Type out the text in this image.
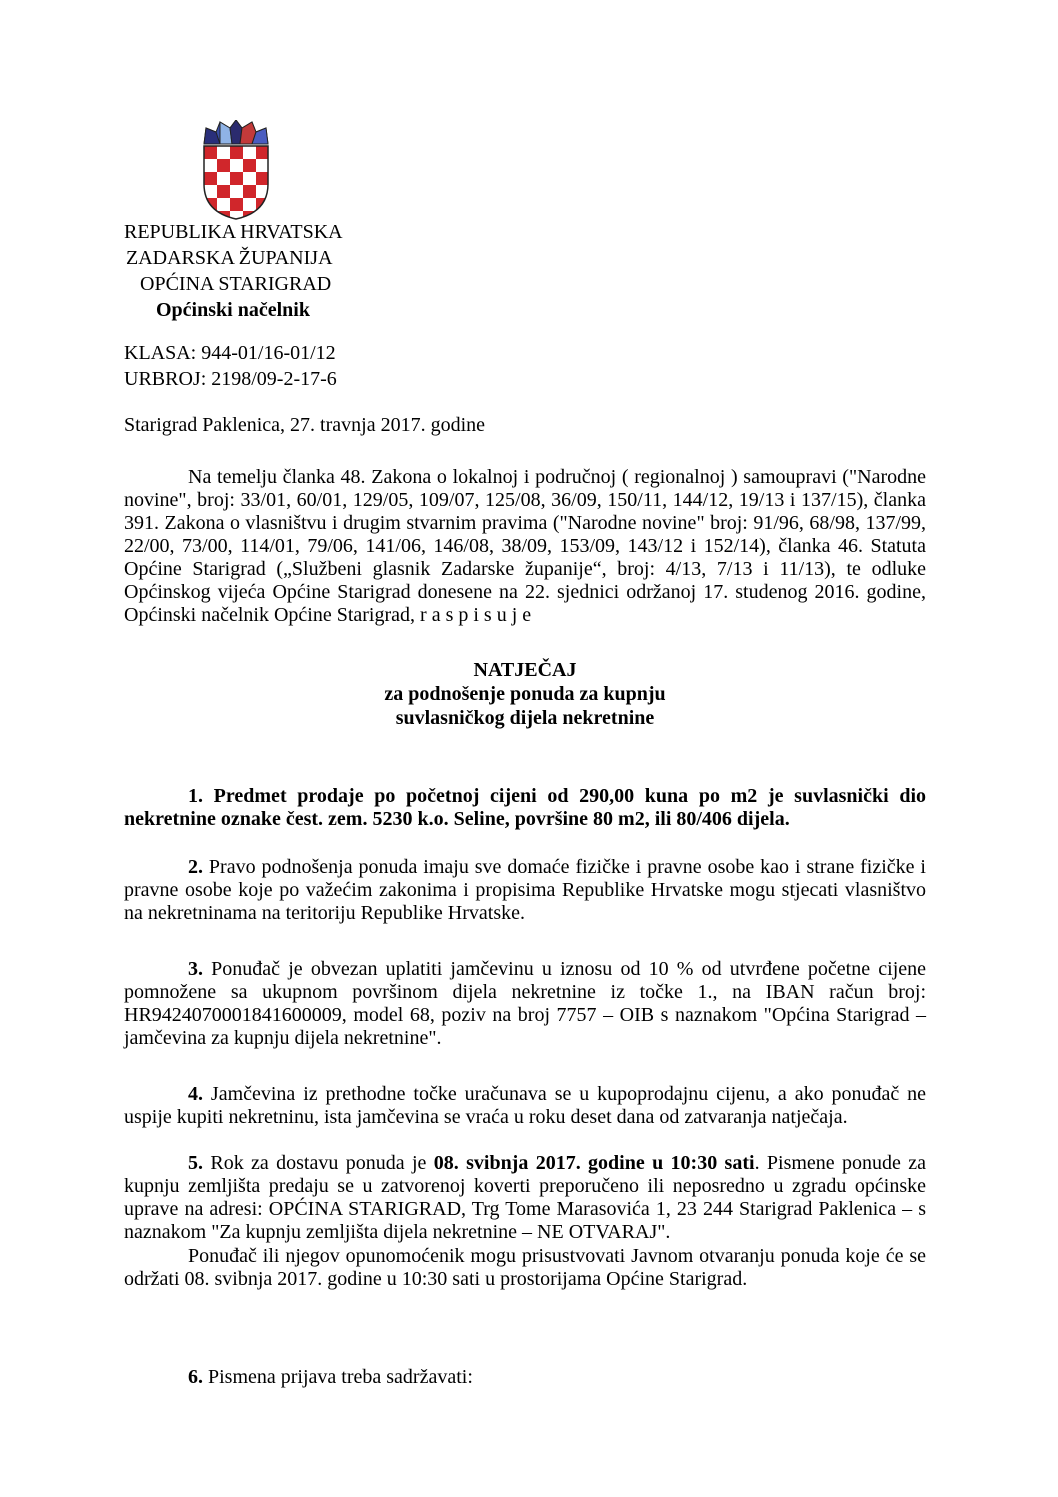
REPUBLIKA HRVATSKA
ZADARSKA ŽUPANIJA
OPĆINA STARIGRAD
Općinski načelnik
KLASA: 944-01/16-01/12
URBROJ: 2198/09-2-17-6
Starigrad Paklenica, 27. travnja 2017. godine
Na temelju članka 48. Zakona o lokalnoj i područnoj ( regionalnoj ) samoupravi ("Narodne novine", broj: 33/01, 60/01, 129/05, 109/07, 125/08, 36/09, 150/11, 144/12, 19/13 i 137/15), članka 391. Zakona o vlasništvu i drugim stvarnim pravima ("Narodne novine" broj: 91/96, 68/98, 137/99, 22/00, 73/00, 114/01, 79/06, 141/06, 146/08, 38/09, 153/09, 143/12 i 152/14), članka 46. Statuta Općine Starigrad („Službeni glasnik Zadarske županije“, broj: 4/13, 7/13 i 11/13), te odluke Općinskog vijeća Općine Starigrad donesene na 22. sjednici održanoj 17. studenog 2016. godine, Općinski načelnik Općine Starigrad, r a s p i s u j e
NATJEČAJ
za podnošenje ponuda za kupnju
suvlasničkog dijela nekretnine
1. Predmet prodaje po početnoj cijeni od 290,00 kuna po m2 je suvlasnički dio nekretnine oznake čest. zem. 5230 k.o. Seline, površine 80 m2, ili 80/406 dijela.
2. Pravo podnošenja ponuda imaju sve domaće fizičke i pravne osobe kao i strane fizičke i pravne osobe koje po važećim zakonima i propisima Republike Hrvatske mogu stjecati vlasništvo na nekretninama na teritoriju Republike Hrvatske.
3. Ponuđač je obvezan uplatiti jamčevinu u iznosu od 10 % od utvrđene početne cijene pomnožene sa ukupnom površinom dijela nekretnine iz točke 1., na IBAN račun broj: HR9424070001841600009, model 68, poziv na broj 7757 – OIB s naznakom "Općina Starigrad – jamčevina za kupnju dijela nekretnine".
4. Jamčevina iz prethodne točke uračunava se u kupoprodajnu cijenu, a ako ponuđač ne uspije kupiti nekretninu, ista jamčevina se vraća u roku deset dana od zatvaranja natječaja.
5. Rok za dostavu ponuda je 08. svibnja 2017. godine u 10:30 sati. Pismene ponude za kupnju zemljišta predaju se u zatvorenoj koverti preporučeno ili neposredno u zgradu općinske uprave na adresi: OPĆINA STARIGRAD, Trg Tome Marasovića 1, 23 244 Starigrad Paklenica – s naznakom "Za kupnju zemljišta dijela nekretnine – NE OTVARAJ".
Ponuđač ili njegov opunomoćenik mogu prisustvovati Javnom otvaranju ponuda koje će se održati 08. svibnja 2017. godine u 10:30 sati u prostorijama Općine Starigrad.
6. Pismena prijava treba sadržavati:
